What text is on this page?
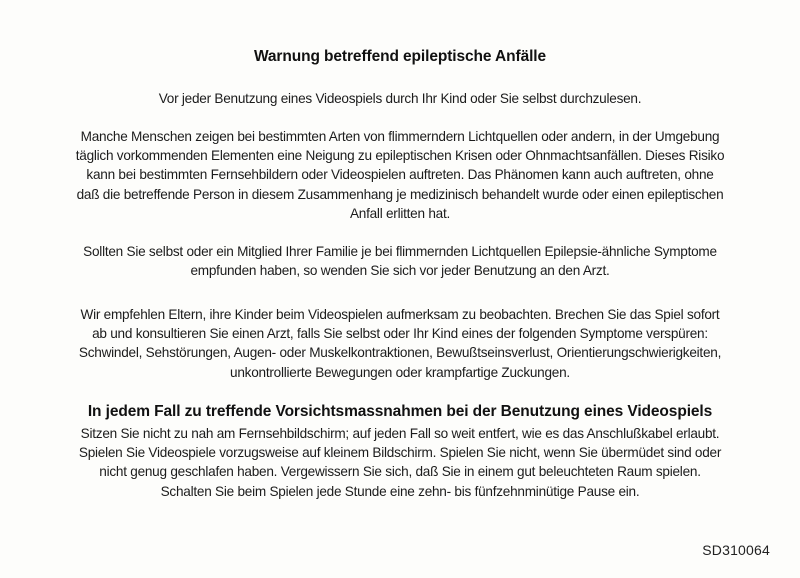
Warnung betreffend epileptische Anfälle
Vor jeder Benutzung eines Videospiels durch Ihr Kind oder Sie selbst durchzulesen.
Manche Menschen zeigen bei bestimmten Arten von flimmerndern Lichtquellen oder andern, in der Umgebung
täglich vorkommenden Elementen eine Neigung zu epileptischen Krisen oder Ohnmachtsanfällen. Dieses Risiko
kann bei bestimmten Fernsehbildern oder Videospielen auftreten. Das Phänomen kann auch auftreten, ohne
daß die betreffende Person in diesem Zusammenhang je medizinisch behandelt wurde oder einen epileptischen
Anfall erlitten hat.
Sollten Sie selbst oder ein Mitglied Ihrer Familie je bei flimmernden Lichtquellen Epilepsie-ähnliche Symptome
empfunden haben, so wenden Sie sich vor jeder Benutzung an den Arzt.
Wir empfehlen Eltern, ihre Kinder beim Videospielen aufmerksam zu beobachten. Brechen Sie das Spiel sofort
ab und konsultieren Sie einen Arzt, falls Sie selbst oder Ihr Kind eines der folgenden Symptome verspüren:
Schwindel, Sehstörungen, Augen- oder Muskelkontraktionen, Bewußtseinsverlust, Orientierungschwierigkeiten,
unkontrollierte Bewegungen oder krampfartige Zuckungen.
In jedem Fall zu treffende Vorsichtsmassnahmen bei der Benutzung eines Videospiels
Sitzen Sie nicht zu nah am Fernsehbildschirm; auf jeden Fall so weit entfert, wie es das Anschlußkabel erlaubt.
Spielen Sie Videospiele vorzugsweise auf kleinem Bildschirm. Spielen Sie nicht, wenn Sie übermüdet sind oder
nicht genug geschlafen haben. Vergewissern Sie sich, daß Sie in einem gut beleuchteten Raum spielen.
Schalten Sie beim Spielen jede Stunde eine zehn- bis fünfzehnminütige Pause ein.
SD310064
